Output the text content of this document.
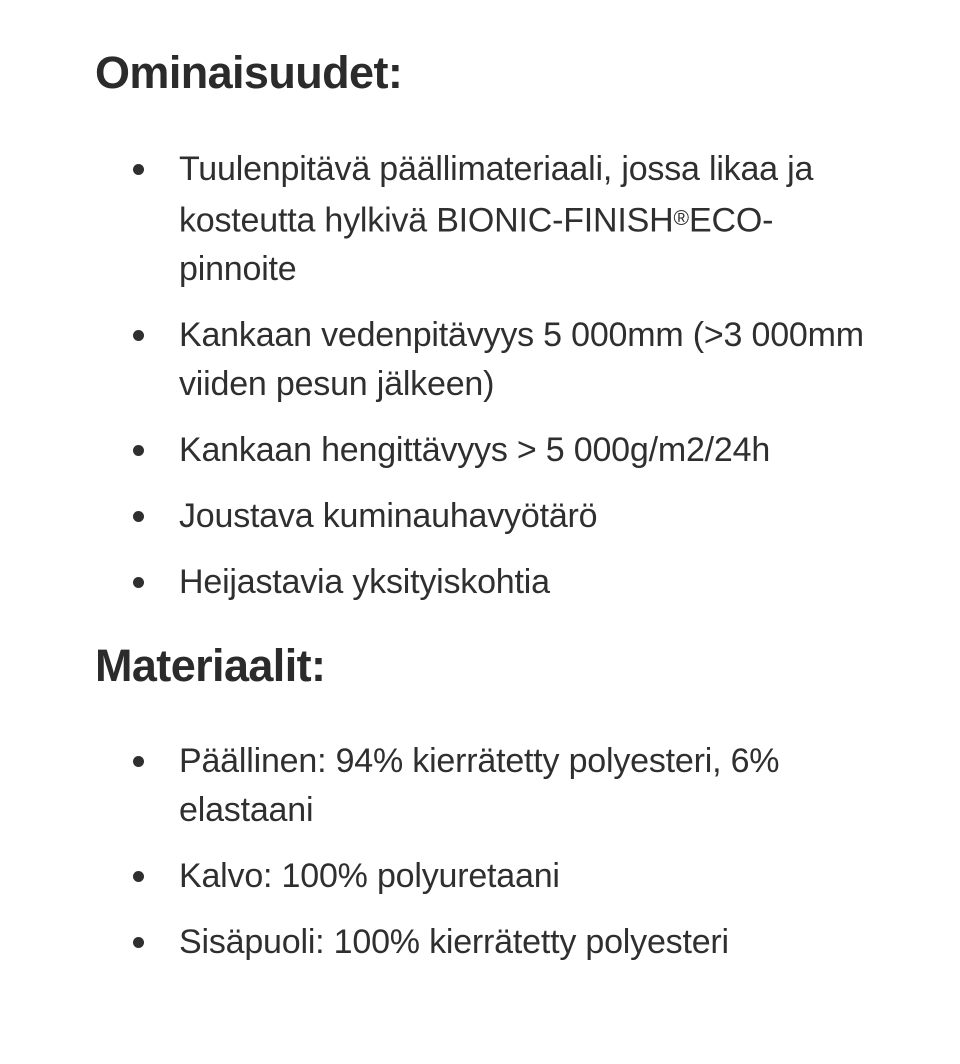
Ominaisuudet:
Tuulenpitävä päällimateriaali, jossa likaa ja kosteutta hylkivä BIONIC-FINISH®ECO-pinnoite
Kankaan vedenpitävyys 5 000mm (>3 000mm viiden pesun jälkeen)
Kankaan hengittävyys > 5 000g/m2/24h
Joustava kuminauhavyötärö
Heijastavia yksityiskohtia
Materiaalit:
Päällinen: 94% kierrätetty polyesteri, 6% elastaani
Kalvo: 100% polyuretaani
Sisäpuoli: 100% kierrätetty polyesteri
